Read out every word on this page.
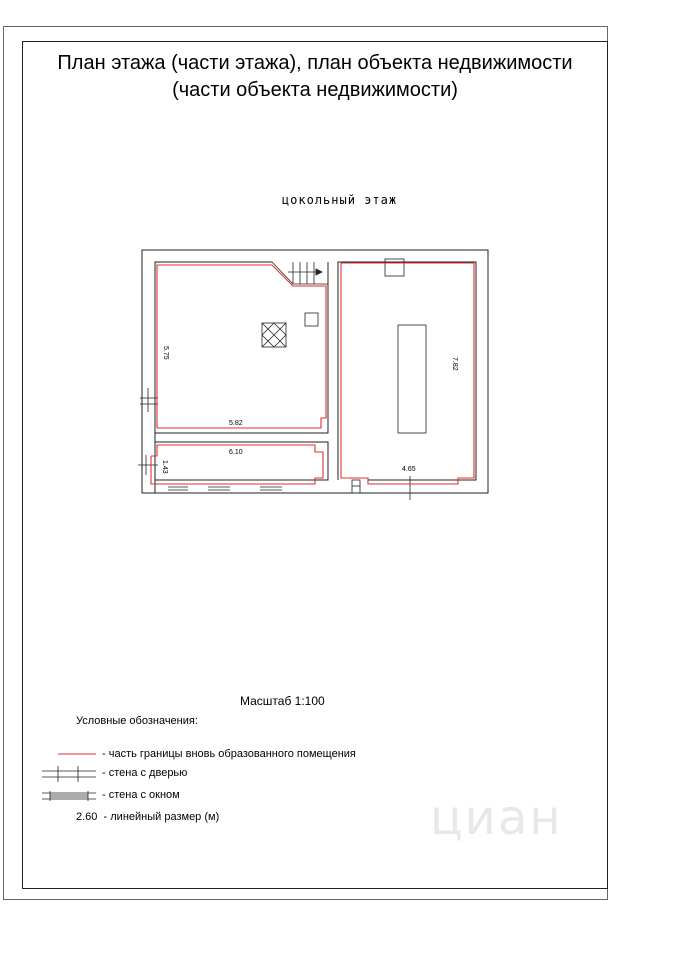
План этажа (части этажа), план объекта недвижимости
(части объекта недвижимости)
цокольный этаж
5.75
5.82
6.10
1.43
7.82
4.65
Масштаб 1:100
Условные обозначения:
- часть границы вновь образованного помещения
- стена с дверью
- стена с окном
2.60 - линейный размер (м)	циан
